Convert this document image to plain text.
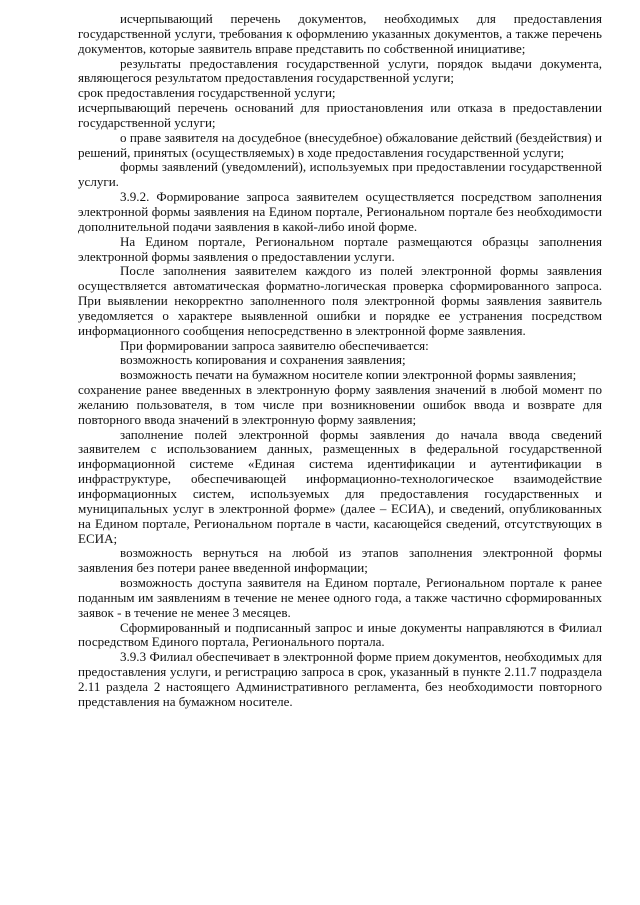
исчерпывающий перечень документов, необходимых для предоставления государственной услуги, требования к оформлению указанных документов, а также перечень документов, которые заявитель вправе представить по собственной инициативе;

результаты предоставления государственной услуги, порядок выдачи документа, являющегося результатом предоставления государственной услуги;

срок предоставления государственной услуги;

исчерпывающий перечень оснований для приостановления или отказа в предоставлении государственной услуги;

о праве заявителя на досудебное (внесудебное) обжалование действий (бездействия) и решений, принятых (осуществляемых) в ходе предоставления государственной услуги;

формы заявлений (уведомлений), используемых при предоставлении государственной услуги.

3.9.2. Формирование запроса заявителем осуществляется посредством заполнения электронной формы заявления на Едином портале, Региональном портале без необходимости дополнительной подачи заявления в какой-либо иной форме.

На Едином портале, Региональном портале размещаются образцы заполнения электронной формы заявления о предоставлении услуги.

После заполнения заявителем каждого из полей электронной формы заявления осуществляется автоматическая форматно-логическая проверка сформированного запроса. При выявлении некорректно заполненного поля электронной формы заявления заявитель уведомляется о характере выявленной ошибки и порядке ее устранения посредством информационного сообщения непосредственно в электронной форме заявления.

При формировании запроса заявителю обеспечивается:

возможность копирования и сохранения заявления;

возможность печати на бумажном носителе копии электронной формы заявления;

сохранение ранее введенных в электронную форму заявления значений в любой момент по желанию пользователя, в том числе при возникновении ошибок ввода и возврате для повторного ввода значений в электронную форму заявления;

заполнение полей электронной формы заявления до начала ввода сведений заявителем с использованием данных, размещенных в федеральной государственной информационной системе «Единая система идентификации и аутентификации в инфраструктуре, обеспечивающей информационно-технологическое взаимодействие информационных систем, используемых для предоставления государственных и муниципальных услуг в электронной форме» (далее – ЕСИА), и сведений, опубликованных на Едином портале, Региональном портале в части, касающейся сведений, отсутствующих в ЕСИА;

возможность вернуться на любой из этапов заполнения электронной формы заявления без потери ранее введенной информации;

возможность доступа заявителя на Едином портале, Региональном портале к ранее поданным им заявлениям в течение не менее одного года, а также частично сформированных заявок - в течение не менее 3 месяцев.

Сформированный и подписанный запрос и иные документы направляются в Филиал посредством Единого портала, Регионального портала.

3.9.3 Филиал обеспечивает в электронной форме прием документов, необходимых для предоставления услуги, и регистрацию запроса в срок, указанный в пункте 2.11.7 подраздела 2.11 раздела 2 настоящего Административного регламента, без необходимости повторного представления на бумажном носителе.
